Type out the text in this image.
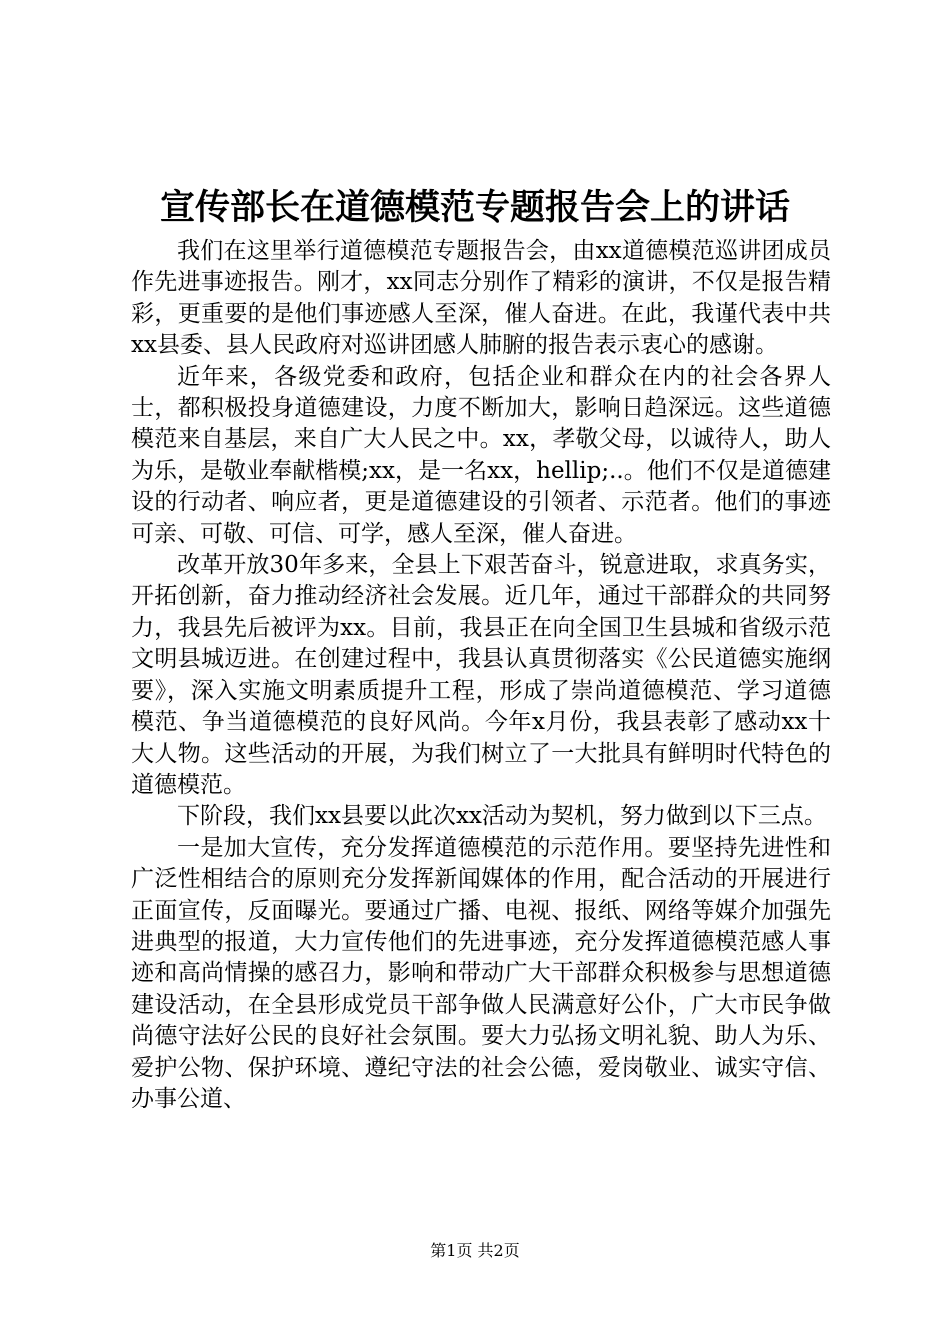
宣传部长在道德模范专题报告会上的讲话

我们在这里举行道德模范专题报告会，由xx道德模范巡讲团成员作先进事迹报告。刚才，xx同志分别作了精彩的演讲，不仅是报告精彩，更重要的是他们事迹感人至深，催人奋进。在此，我谨代表中共xx县委、县人民政府对巡讲团感人肺腑的报告表示衷心的感谢。

近年来，各级党委和政府，包括企业和群众在内的社会各界人士，都积极投身道德建设，力度不断加大，影响日趋深远。这些道德模范来自基层，来自广大人民之中。xx，孝敬父母，以诚待人，助人为乐，是敬业奉献楷模;xx，是一名xx，hellip;..。他们不仅是道德建设的行动者、响应者，更是道德建设的引领者、示范者。他们的事迹可亲、可敬、可信、可学，感人至深，催人奋进。

改革开放30年多来，全县上下艰苦奋斗，锐意进取，求真务实，开拓创新，奋力推动经济社会发展。近几年，通过干部群众的共同努力，我县先后被评为xx。目前，我县正在向全国卫生县城和省级示范文明县城迈进。在创建过程中，我县认真贯彻落实《公民道德实施纲要》，深入实施文明素质提升工程，形成了崇尚道德模范、学习道德模范、争当道德模范的良好风尚。今年x月份，我县表彰了感动xx十大人物。这些活动的开展，为我们树立了一大批具有鲜明时代特色的道德模范。

下阶段，我们xx县要以此次xx活动为契机，努力做到以下三点。

一是加大宣传，充分发挥道德模范的示范作用。要坚持先进性和广泛性相结合的原则充分发挥新闻媒体的作用，配合活动的开展进行正面宣传，反面曝光。要通过广播、电视、报纸、网络等媒介加强先进典型的报道，大力宣传他们的先进事迹，充分发挥道德模范感人事迹和高尚情操的感召力，影响和带动广大干部群众积极参与思想道德建设活动，在全县形成党员干部争做人民满意好公仆，广大市民争做尚德守法好公民的良好社会氛围。要大力弘扬文明礼貌、助人为乐、爱护公物、保护环境、遵纪守法的社会公德，爱岗敬业、诚实守信、办事公道、

第1页 共2页
